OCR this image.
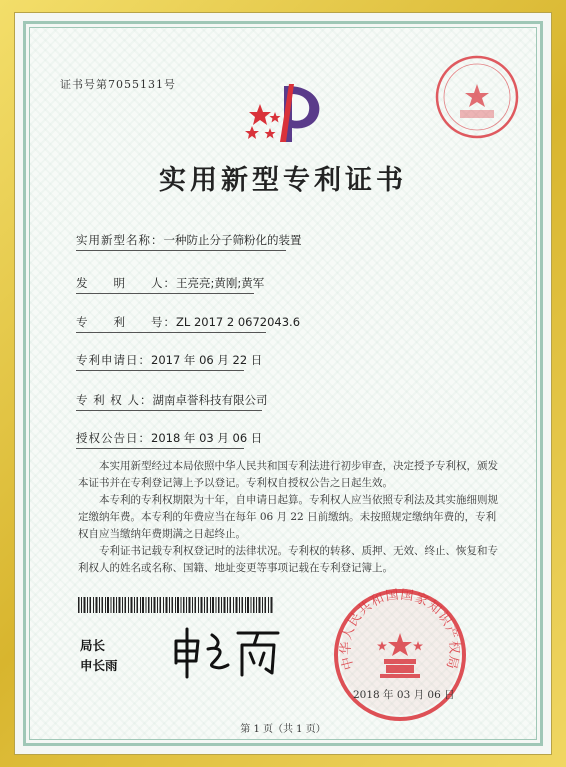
证书号第7055131号
实用新型专利证书
实用新型名称：一种防止分子筛粉化的装置
发　　明　　人：王亮亮;黄刚;黄军
专　　利　　号：ZL 2017 2 0672043.6
专利申请日：2017 年 06 月 22 日
专 利 权 人：湖南卓誉科技有限公司
授权公告日：2018 年 03 月 06 日

本实用新型经过本局依照中华人民共和国专利法进行初步审查，决定授予专利权，颁发本证书并在专利登记簿上予以登记。专利权自授权公告之日起生效。

本专利的专利权期限为十年，自申请日起算。专利权人应当依照专利法及其实施细则规定缴纳年费。本专利的年费应当在每年 06 月 22 日前缴纳。未按照规定缴纳年费的，专利权自应当缴纳年费期满之日起终止。

专利证书记载专利权登记时的法律状况。专利权的转移、质押、无效、终止、恢复和专利权人的姓名或名称、国籍、地址变更等事项记载在专利登记簿上。

局长
申长雨	中华人民共和国国家知识产权局
2018 年 03 月 06 日
第 1 页（共 1 页）
